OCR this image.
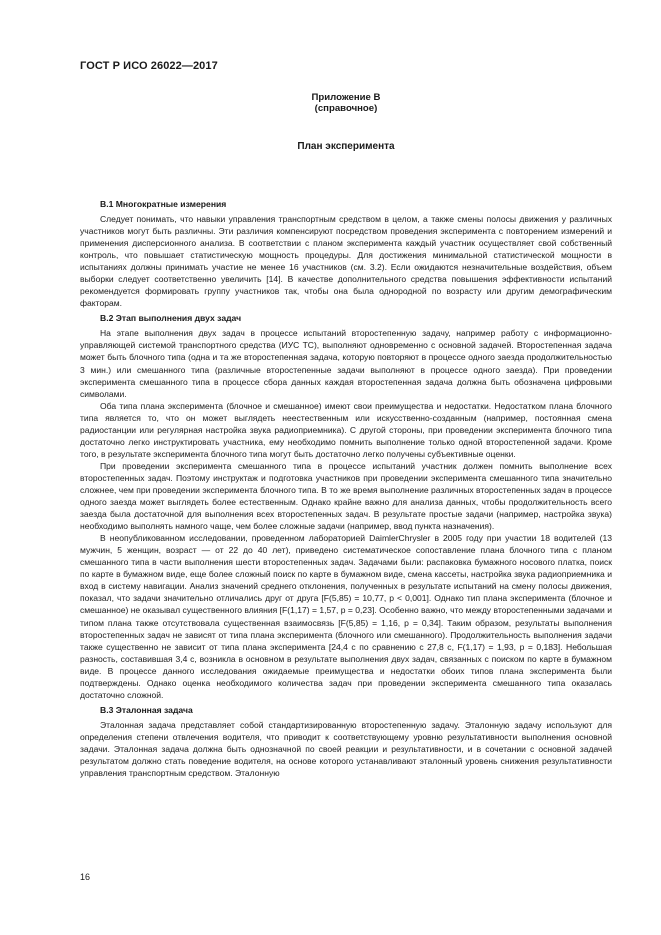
ГОСТ Р ИСО 26022—2017
Приложение В
(справочное)
План эксперимента
В.1 Многократные измерения

Следует понимать, что навыки управления транспортным средством в целом, а также смены полосы движения у различных участников могут быть различны. Эти различия компенсируют посредством проведения эксперимента с повторением измерений и применения дисперсионного анализа. В соответствии с планом эксперимента каждый участник осуществляет свой собственный контроль, что повышает статистическую мощность процедуры. Для достижения минимальной статистической мощности в испытаниях должны принимать участие не менее 16 участников (см. 3.2). Если ожидаются незначительные воздействия, объем выборки следует соответственно увеличить [14]. В качестве дополнительного средства повышения эффективности испытаний рекомендуется формировать группу участников так, чтобы она была однородной по возрасту или другим демографическим факторам.

В.2 Этап выполнения двух задач

На этапе выполнения двух задач в процессе испытаний второстепенную задачу, например работу с информационно-управляющей системой транспортного средства (ИУС ТС), выполняют одновременно с основной задачей. Второстепенная задача может быть блочного типа (одна и та же второстепенная задача, которую повторяют в процессе одного заезда продолжительностью 3 мин.) или смешанного типа (различные второстепенные задачи выполняют в процессе одного заезда). При проведении эксперимента смешанного типа в процессе сбора данных каждая второстепенная задача должна быть обозначена цифровыми символами.

Оба типа плана эксперимента (блочное и смешанное) имеют свои преимущества и недостатки. Недостатком плана блочного типа является то, что он может выглядеть неестественным или искусственно-созданным (например, постоянная смена радиостанции или регулярная настройка звука радиоприемника). С другой стороны, при проведении эксперимента блочного типа достаточно легко инструктировать участника, ему необходимо помнить выполнение только одной второстепенной задачи. Кроме того, в результате эксперимента блочного типа могут быть достаточно легко получены субъективные оценки.

При проведении эксперимента смешанного типа в процессе испытаний участник должен помнить выполнение всех второстепенных задач. Поэтому инструктаж и подготовка участников при проведении эксперимента смешанного типа значительно сложнее, чем при проведении эксперимента блочного типа. В то же время выполнение различных второстепенных задач в процессе одного заезда может выглядеть более естественным. Однако крайне важно для анализа данных, чтобы продолжительность всего заезда была достаточной для выполнения всех второстепенных задач. В результате простые задачи (например, настройка звука) необходимо выполнять намного чаще, чем более сложные задачи (например, ввод пункта назначения).

В неопубликованном исследовании, проведенном лабораторией DaimlerChrysler в 2005 году при участии 18 водителей (13 мужчин, 5 женщин, возраст — от 22 до 40 лет), приведено систематическое сопоставление плана блочного типа с планом смешанного типа в части выполнения шести второстепенных задач. Задачами были: распаковка бумажного носового платка, поиск по карте в бумажном виде, еще более сложный поиск по карте в бумажном виде, смена кассеты, настройка звука радиоприемника и вход в систему навигации. Анализ значений среднего отклонения, полученных в результате испытаний на смену полосы движения, показал, что задачи значительно отличались друг от друга [F(5,85) = 10,77, p < 0,001]. Однако тип плана эксперимента (блочное и смешанное) не оказывал существенного влияния [F(1,17) = 1,57, p = 0,23]. Особенно важно, что между второстепенными задачами и типом плана также отсутствовала существенная взаимосвязь [F(5,85) = 1,16, p = 0,34]. Таким образом, результаты выполнения второстепенных задач не зависят от типа плана эксперимента (блочного или смешанного). Продолжительность выполнения задачи также существенно не зависит от типа плана эксперимента [24,4 с по сравнению с 27,8 с, F(1,17) = 1,93, p = 0,183]. Небольшая разность, составившая 3,4 с, возникла в основном в результате выполнения двух задач, связанных с поиском по карте в бумажном виде. В процессе данного исследования ожидаемые преимущества и недостатки обоих типов плана эксперимента были подтверждены. Однако оценка необходимого количества задач при проведении эксперимента смешанного типа оказалась достаточно сложной.

В.3 Эталонная задача

Эталонная задача представляет собой стандартизированную второстепенную задачу. Эталонную задачу используют для определения степени отвлечения водителя, что приводит к соответствующему уровню результативности выполнения основной задачи. Эталонная задача должна быть однозначной по своей реакции и результативности, и в сочетании с основной задачей результатом должно стать поведение водителя, на основе которого устанавливают эталонный уровень снижения результативности управления транспортным средством. Эталонную

16
